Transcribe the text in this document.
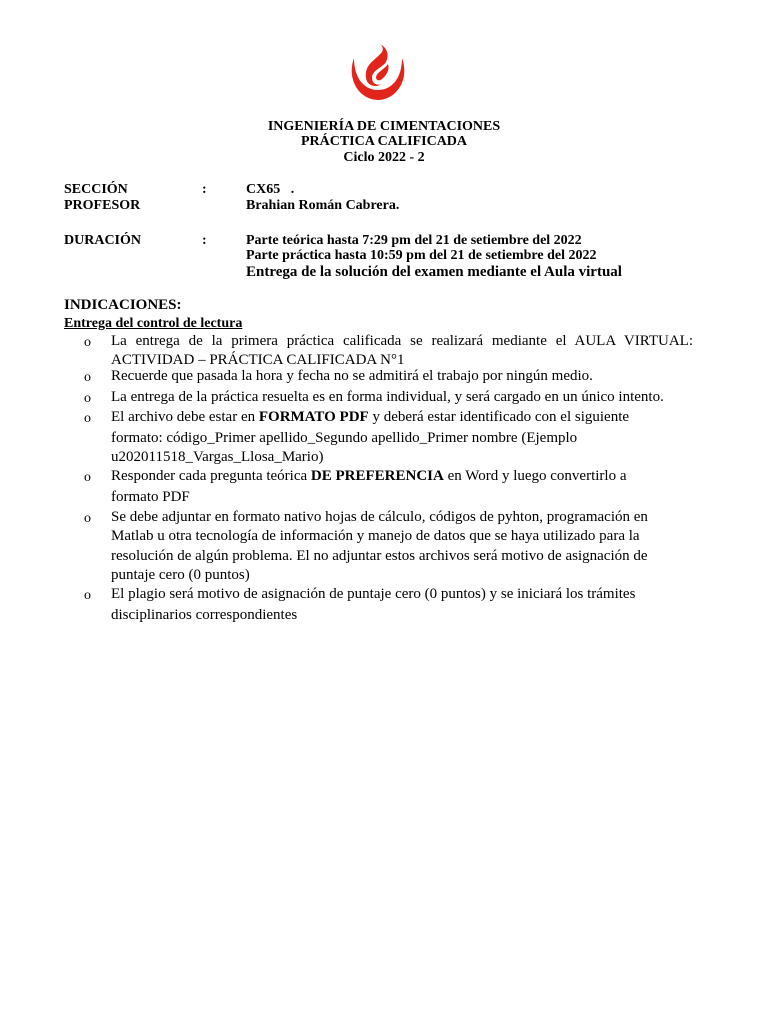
INGENIERÍA DE CIMENTACIONES
PRÁCTICA CALIFICADA
Ciclo 2022 - 2
SECCIÓN	:	CX65   .
PROFESOR	Brahian Román Cabrera.
DURACIÓN	:	Parte teórica hasta 7:29 pm del 21 de setiembre del 2022
Parte práctica hasta 10:59 pm del 21 de setiembre del 2022
Entrega de la solución del examen mediante el Aula virtual
INDICACIONES:
Entrega del control de lectura
o
o
o
o
o
o
o
La entrega de la primera práctica calificada se realizará mediante el AULA VIRTUAL:
ACTIVIDAD – PRÁCTICA CALIFICADA N°1
Recuerde que pasada la hora y fecha no se admitirá el trabajo por ningún medio.
La entrega de la práctica resuelta es en forma individual, y será cargado en un único intento.
El archivo debe estar en FORMATO PDF y deberá estar identificado con el siguiente
formato: código_Primer apellido_Segundo apellido_Primer nombre (Ejemplo
u202011518_Vargas_Llosa_Mario)
Responder cada pregunta teórica DE PREFERENCIA en Word y luego convertirlo a
formato PDF
Se debe adjuntar en formato nativo hojas de cálculo, códigos de pyhton, programación en
Matlab u otra tecnología de información y manejo de datos que se haya utilizado para la
resolución de algún problema. El no adjuntar estos archivos será motivo de asignación de
puntaje cero (0 puntos)
El plagio será motivo de asignación de puntaje cero (0 puntos) y se iniciará los trámites
disciplinarios correspondientes
